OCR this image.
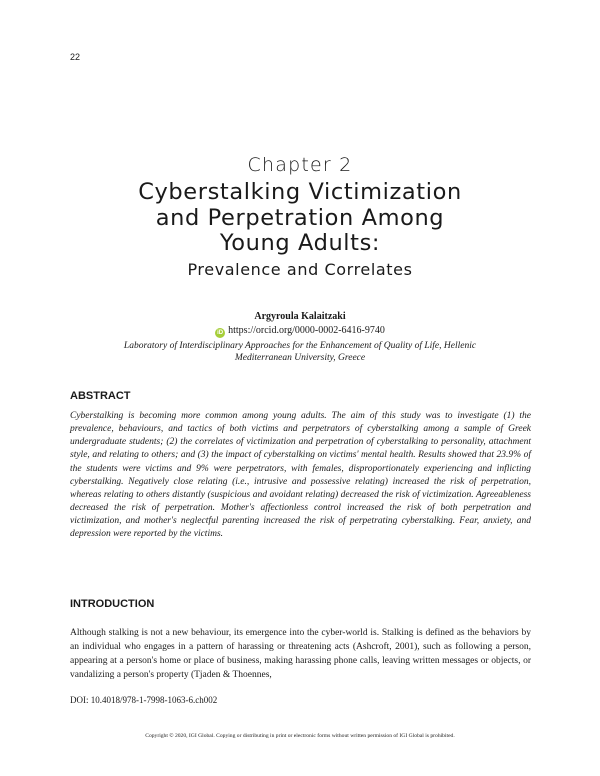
22
Chapter 2
Cyberstalking Victimization
and Perpetration Among
Young Adults:
Prevalence and Correlates
Argyroula Kalaitzaki
iD https://orcid.org/0000-0002-6416-9740
Laboratory of Interdisciplinary Approaches for the Enhancement of Quality of Life, Hellenic
Mediterranean University, Greece
ABSTRACT
Cyberstalking is becoming more common among young adults. The aim of this study was to investigate (1) the prevalence, behaviours, and tactics of both victims and perpetrators of cyberstalking among a sample of Greek undergraduate students; (2) the correlates of victimization and perpetration of cyberstalking to personality, attachment style, and relating to others; and (3) the impact of cyberstalking on victims' mental health. Results showed that 23.9% of the students were victims and 9% were perpetrators, with females, disproportionately experiencing and inflicting cyberstalking. Negatively close relating (i.e., intrusive and possessive relating) increased the risk of perpetration, whereas relating to others distantly (suspicious and avoidant relating) decreased the risk of victimization. Agreeableness decreased the risk of perpetration. Mother's affectionless control increased the risk of both perpetration and victimization, and mother's neglectful parenting increased the risk of perpetrating cyberstalking. Fear, anxiety, and depression were reported by the victims.
INTRODUCTION
Although stalking is not a new behaviour, its emergence into the cyber-world is. Stalking is defined as the behaviors by an individual who engages in a pattern of harassing or threatening acts (Ashcroft, 2001), such as following a person, appearing at a person's home or place of business, making harassing phone calls, leaving written messages or objects, or vandalizing a person's property (Tjaden & Thoennes,
DOI: 10.4018/978-1-7998-1063-6.ch002
Copyright © 2020, IGI Global. Copying or distributing in print or electronic forms without written permission of IGI Global is prohibited.
